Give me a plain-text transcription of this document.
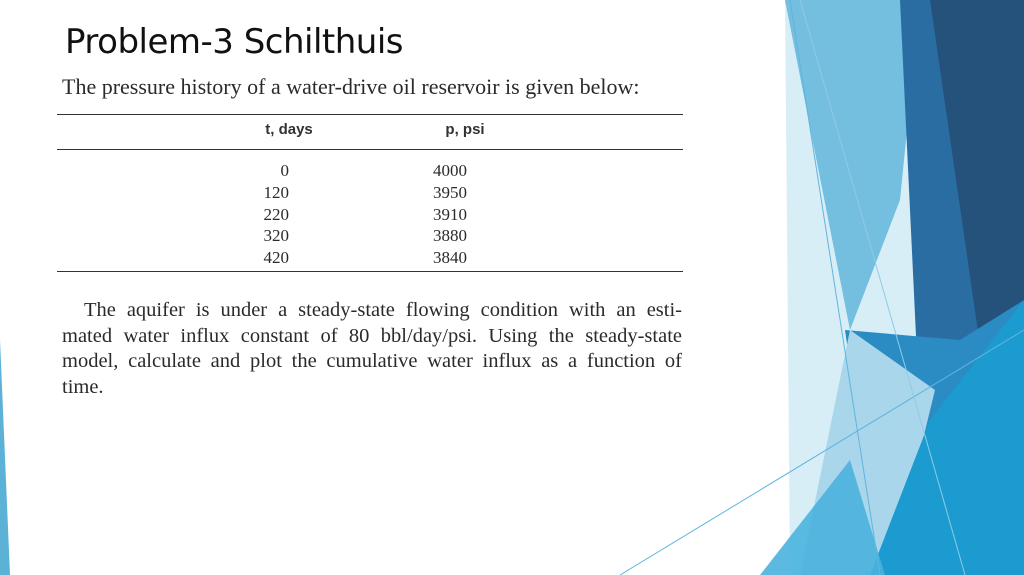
Problem-3 Schilthuis
The pressure history of a water-drive oil reservoir is given below:
t, days	p, psi
0	4000
120	3950
220	3910
320	3880
420	3840
The aquifer is under a steady-state flowing condition with an esti-
mated water influx constant of 80 bbl/day/psi. Using the steady-state
model, calculate and plot the cumulative water influx as a function of
time.
